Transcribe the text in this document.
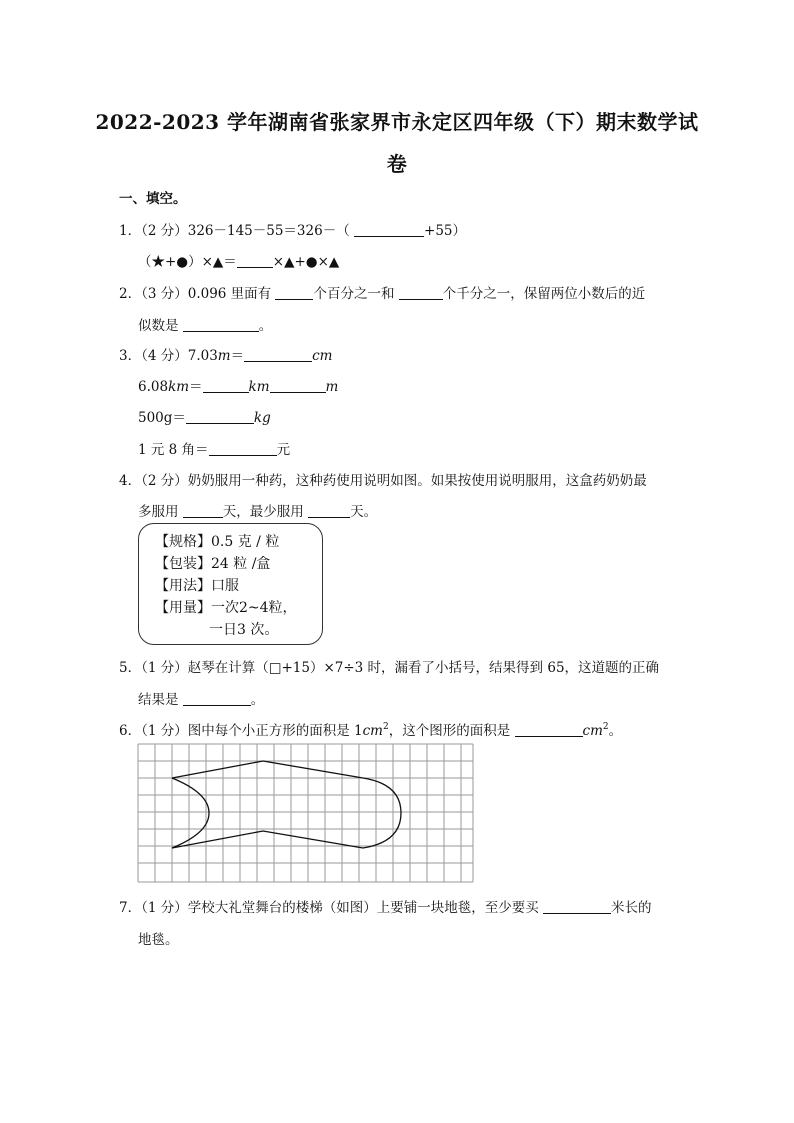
2022-2023 学年湖南省张家界市永定区四年级（下）期末数学试
卷
一、填空。
1．（2 分）326－145－55＝326－（	+55）
（★+●）×▲＝	×▲+●×▲
2．（3 分）0.096 里面有	个百分之一和	个千分之一，保留两位小数后的近
似数是	。
3．（4 分）7.03m＝	cm
6.08km＝	km	m
500g＝	kg
1 元 8 角＝	元
4．（2 分）奶奶服用一种药，这种药使用说明如图。如果按使用说明服用，这盒药奶奶最
多服用	天，最少服用	天。
【规格】0.5 克 / 粒
【包装】24 粒 /盒
【用法】口服
【用量】一次2~4粒，
一日3 次。
5．（1 分）赵琴在计算（□+15）×7÷3 时，漏看了小括号，结果得到 65，这道题的正确
结果是	。
6．（1 分）图中每个小正方形的面积是 $1cm^2$，这个图形的面积是	$cm^2$。
7．（1 分）学校大礼堂舞台的楼梯（如图）上要铺一块地毯，至少要买	米长的
地毯。
